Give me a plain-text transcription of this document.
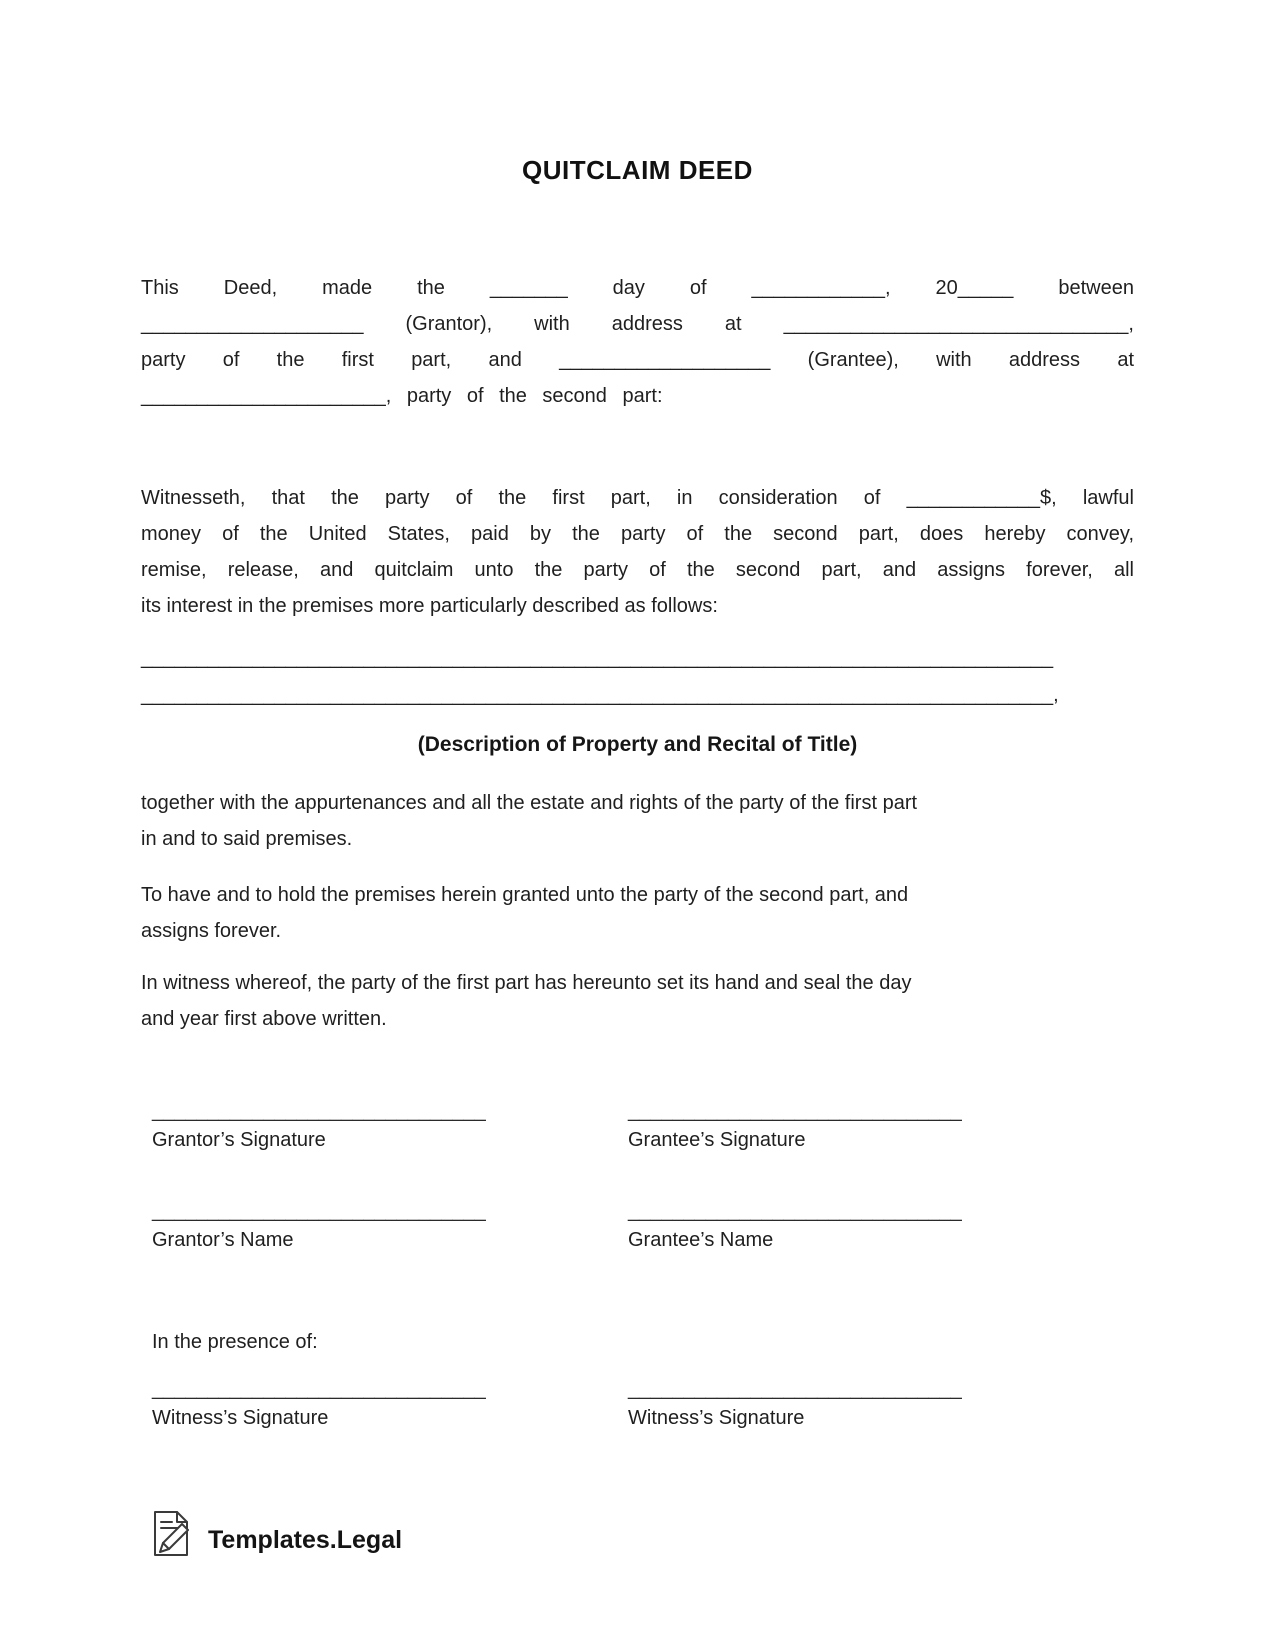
QUITCLAIM DEED
This Deed, made the _______ day of ____________, 20_____ between
____________________ (Grantor), with address at _______________________________,
party of the first part, and ___________________ (Grantee), with address at
______________________, party of the second part:
Witnesseth, that the party of the first part, in consideration of ____________$, lawful
money of the United States, paid by the party of the second part, does hereby convey,
remise, release, and quitclaim unto the party of the second part, and assigns forever, all
its interest in the premises more particularly described as follows:
__________________________________________________________________________________
__________________________________________________________________________________,
(Description of Property and Recital of Title)
together with the appurtenances and all the estate and rights of the party of the first part
in and to said premises.
To have and to hold the premises herein granted unto the party of the second part, and
assigns forever.
In witness whereof, the party of the first part has hereunto set its hand and seal the day
and year first above written.
______________________________
Grantor’s Signature
______________________________
Grantee’s Signature
______________________________
Grantor’s Name
______________________________
Grantee’s Name
In the presence of:
______________________________
Witness’s Signature
______________________________
Witness’s Signature
Templates.Legal
